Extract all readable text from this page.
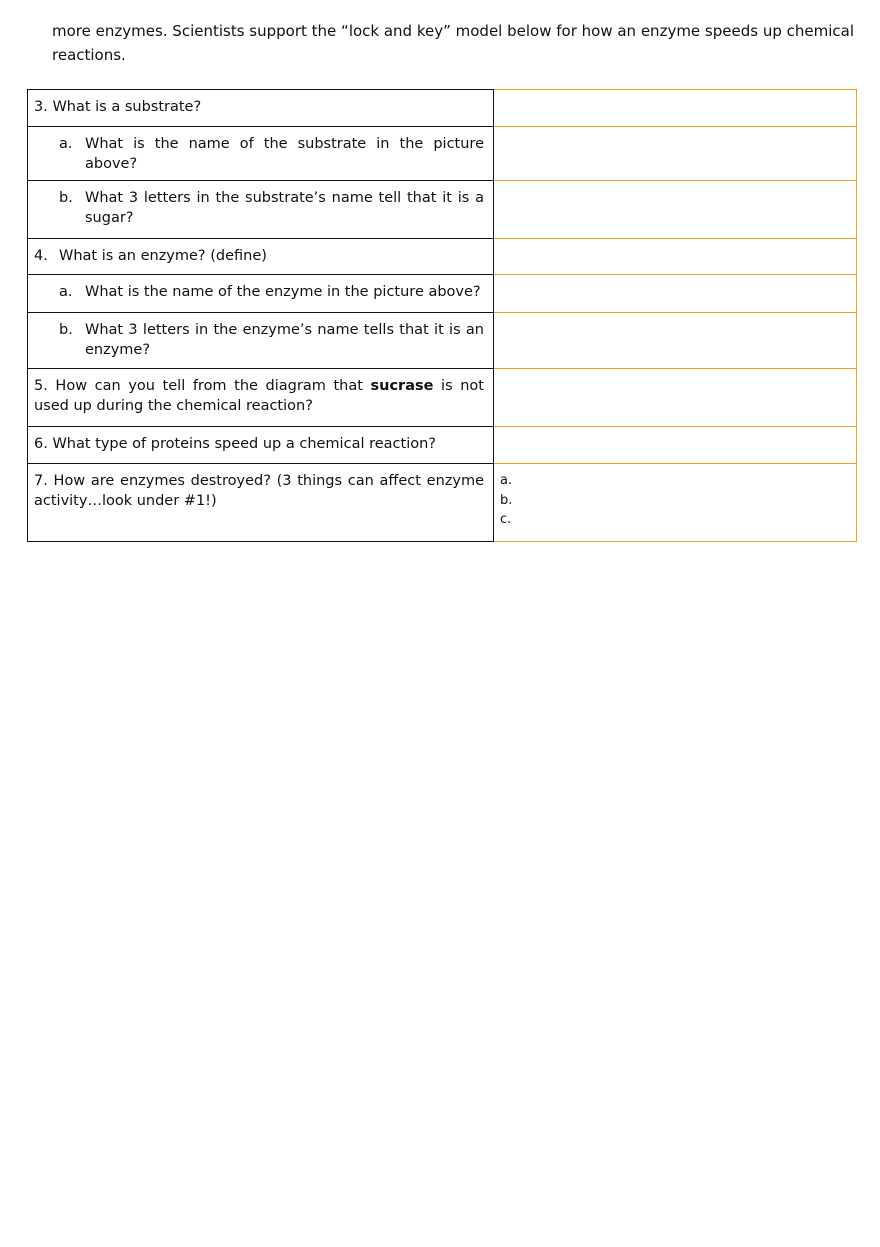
more enzymes. Scientists support the “lock and key” model below for how an enzyme speeds up chemical reactions.

3. What is a substrate?	

a. What is the name of the substrate in the picture above?	

b. What 3 letters in the substrate’s name tell that it is a sugar?	

4. What is an enzyme? (define)	

a. What is the name of the enzyme in the picture above?	

b. What 3 letters in the enzyme’s name tells that it is an enzyme?	

5. How can you tell from the diagram that sucrase is not used up during the chemical reaction?	
6. What type of proteins speed up a chemical reaction?	
7. How are enzymes destroyed? (3 things can affect enzyme activity…look under #1!)	a.
b.
c.
